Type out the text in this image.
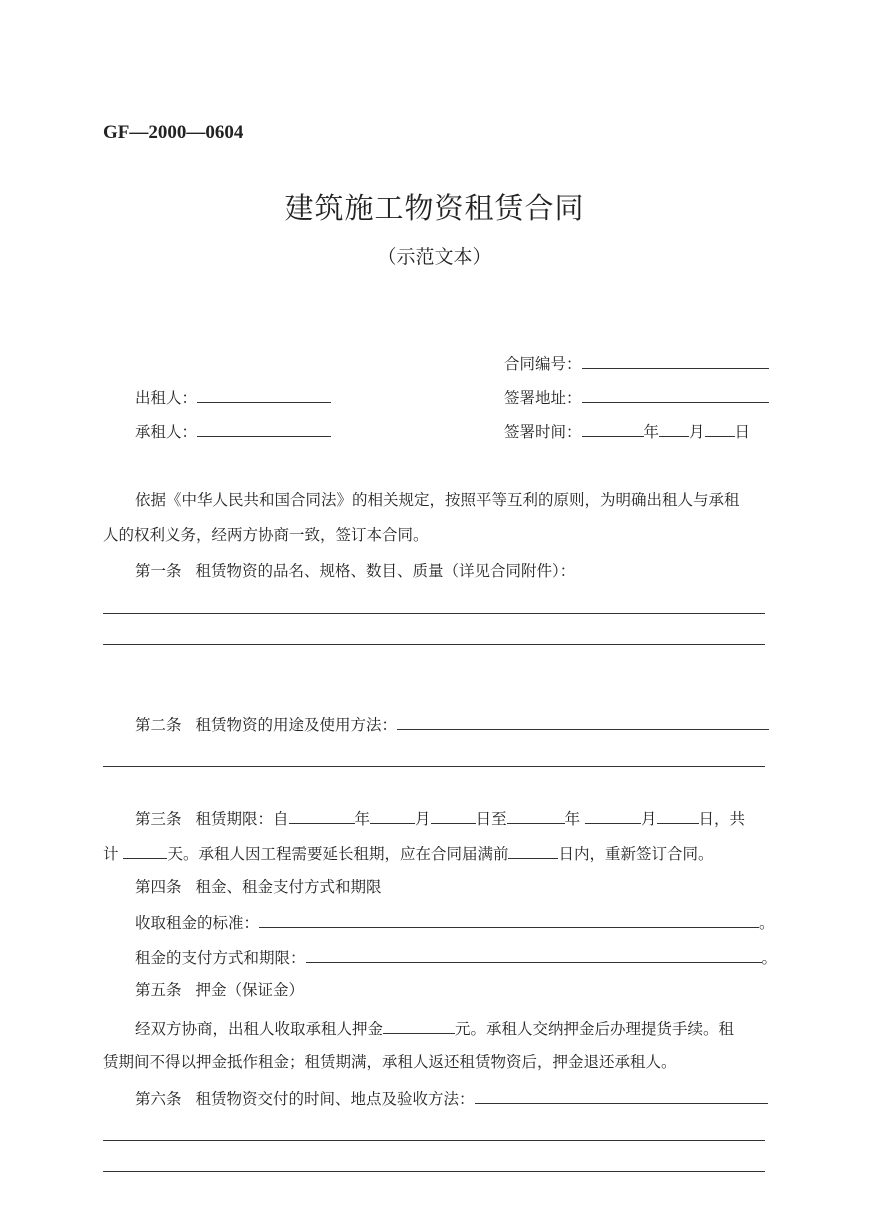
GF—2000—0604
建筑施工物资租赁合同
（示范文本）
合同编号：
出租人：	签署地址：
承租人：	签署时间：	年 月 日
依据《中华人民共和国合同法》的相关规定，按照平等互利的原则，为明确出租人与承租
人的权利义务，经两方协商一致，签订本合同。
第一条 租赁物资的品名、规格、数目、质量（详见合同附件）：
第二条 租赁物资的用途及使用方法：
第三条 租赁期限：自	年	月	日至	年	月	日，共
计	天。承租人因工程需要延长租期，应在合同届满前	日内，重新签订合同。
第四条 租金、租金支付方式和期限
收取租金的标准：	。
租金的支付方式和期限：	。
第五条 押金（保证金）
经双方协商，出租人收取承租人押金	元。承租人交纳押金后办理提货手续。租
赁期间不得以押金抵作租金；租赁期满，承租人返还租赁物资后，押金退还承租人。
第六条 租赁物资交付的时间、地点及验收方法：
